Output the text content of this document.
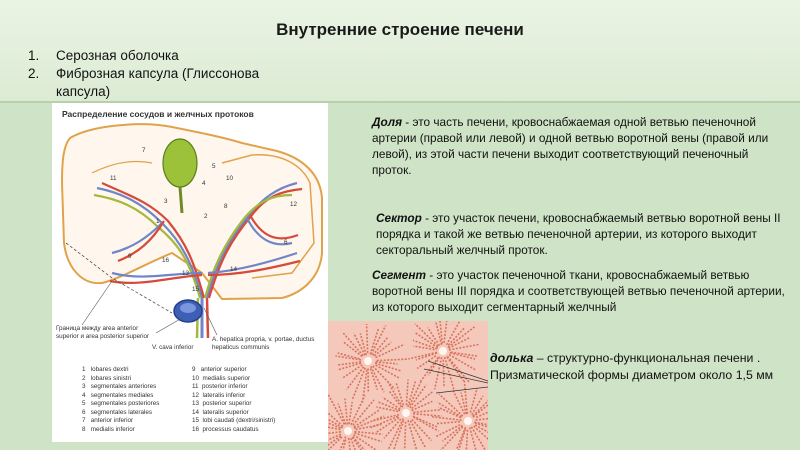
Внутренние строение печени
1. Серозная оболочка
2. Фиброзная капсула (Глиссонова капсула)
Распределение сосудов и желчных протоков
7
11
5
4
10
3
2
8
1
12
6
9
16
13
14
15
Граница между area anterior superior и area posterior superior
V. cava inferior
A. hepatica propria, v. portae, ductus hepaticus communis
1 lobares dextri
2 lobares sinistri
3 segmentales anteriores
4 segmentales mediales
5 segmentales posteriores
6 segmentales laterales
7 anterior inferior
8 medialis inferior
9 anterior superior
10 medialis superior
11 posterior inferior
12 lateralis inferior
13 posterior superior
14 lateralis superior
15 lobi caudati (dextri/sinistri)
16 processus caudatus
Доля - это часть печени, кровоснабжаемая одной ветвью печеночной артерии (правой или левой) и одной ветвью воротной вены (правой или левой), из этой части печени выходит соответствующий печеночный проток.
Сектор - это участок печени, кровоснабжаемый ветвью воротной вены II порядка и такой же ветвью печеночной артерии, из которого выходит секторальный желчный проток.
Сегмент - это участок печеночной ткани, кровоснабжаемый ветвью воротной вены III порядка и соответствующей ветвью печеночной артерии, из которого выходит сегментарный желчный
долька – структурно-функциональная печени . Призматической формы диаметром около 1,5 мм
